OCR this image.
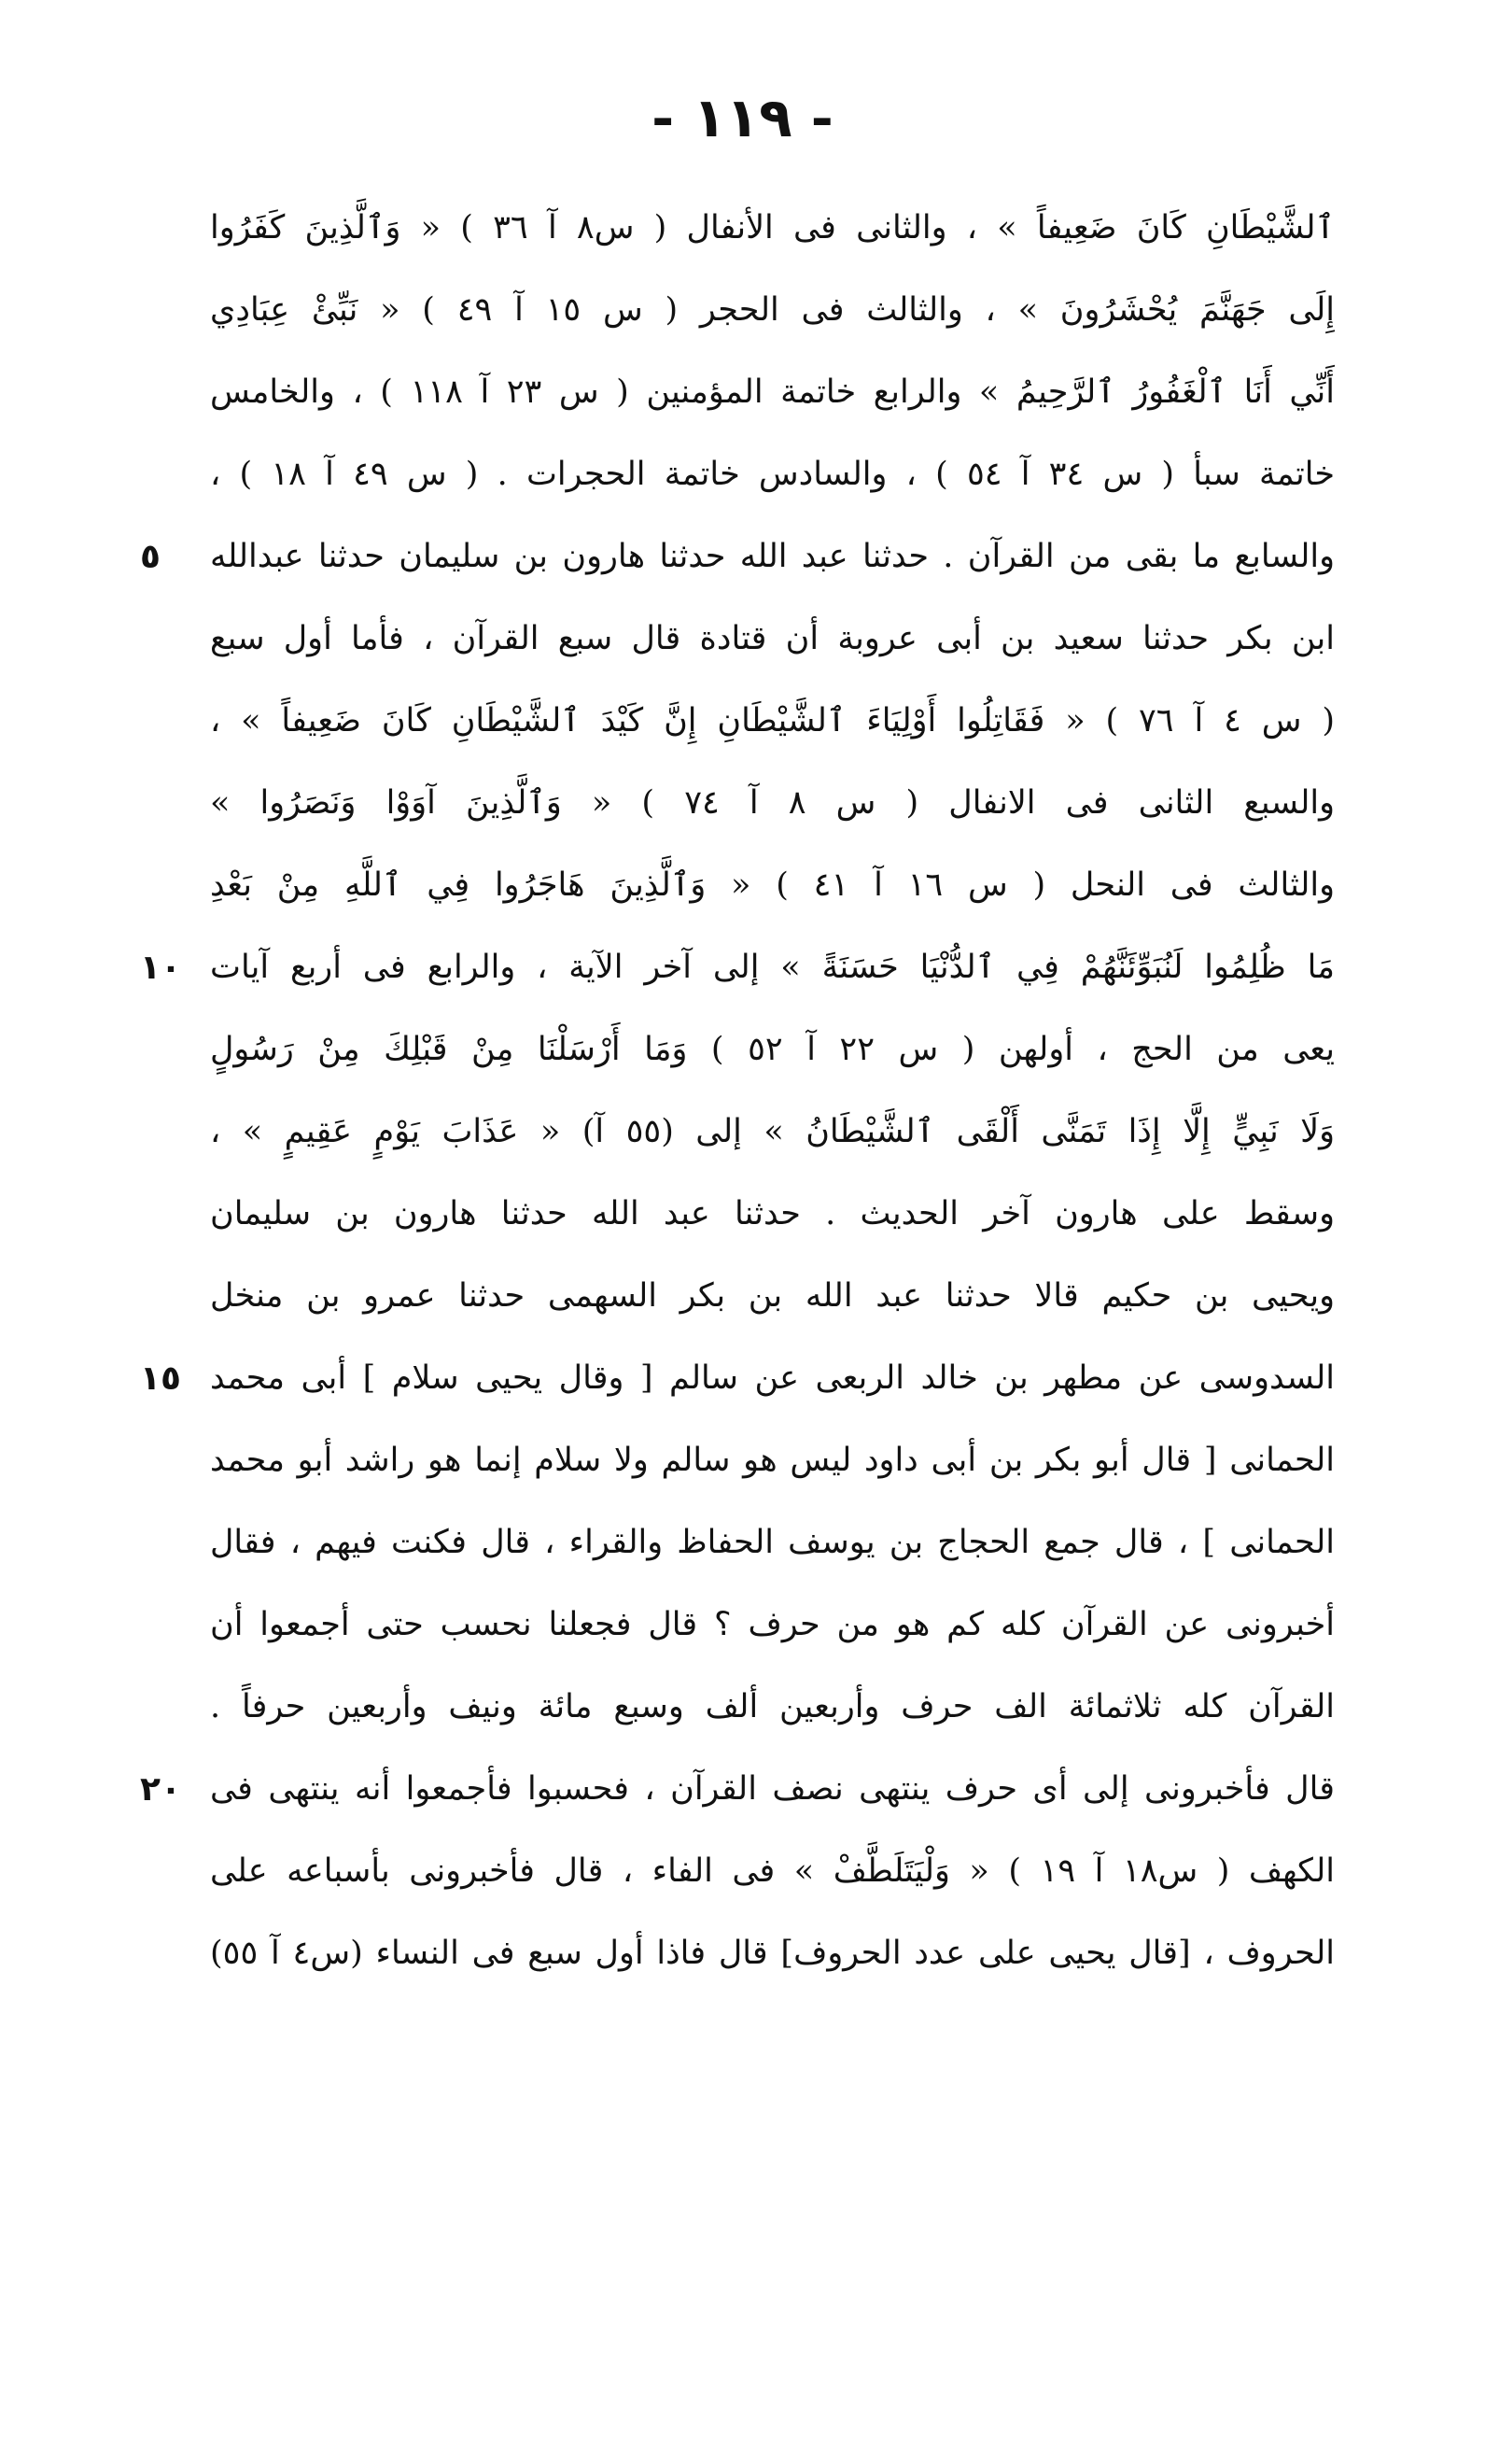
- ١١٩ -
ٱلشَّيْطَانِ كَانَ ضَعِيفاً » ، والثانى فى الأنفال ( س٨ آ ٣٦ ) « وَٱلَّذِينَ كَفَرُوا
إِلَى جَهَنَّمَ يُحْشَرُونَ » ، والثالث فى الحجر ( س ١٥ آ ٤٩ ) « نَبِّئْ عِبَادِي
أَنِّي أَنَا ٱلْغَفُورُ ٱلرَّحِيمُ » والرابع خاتمة المؤمنين ( س ٢٣ آ ١١٨ ) ، والخامس
خاتمة سبأ ( س ٣٤ آ ٥٤ ) ، والسادس خاتمة الحجرات . ( س ٤٩ آ ١٨ ) ،
والسابع ما بقى من القرآن . حدثنا عبد الله حدثنا هارون بن سليمان حدثنا عبدالله
ابن بكر حدثنا سعيد بن أبى عروبة أن قتادة قال سبع القرآن ، فأما أول سبع
( س ٤ آ ٧٦ ) « فَقَاتِلُوا أَوْلِيَاءَ ٱلشَّيْطَانِ إِنَّ كَيْدَ ٱلشَّيْطَانِ كَانَ ضَعِيفاً » ،
والسبع الثانى فى الانفال ( س ٨ آ ٧٤ ) « وَٱلَّذِينَ آوَوْا وَنَصَرُوا »
والثالث فى النحل ( س ١٦ آ ٤١ ) « وَٱلَّذِينَ هَاجَرُوا فِي ٱللَّهِ مِنْ بَعْدِ
مَا ظُلِمُوا لَنُبَوِّئَنَّهُمْ فِي ٱلدُّنْيَا حَسَنَةً » إلى آخر الآية ، والرابع فى أربع آيات
يعى من الحج ، أولهن ( س ٢٢ آ ٥٢ ) وَمَا أَرْسَلْنَا مِنْ قَبْلِكَ مِنْ رَسُولٍ
وَلَا نَبِيٍّ إِلَّا إِذَا تَمَنَّى أَلْقَى ٱلشَّيْطَانُ » إلى (٥٥ آ) « عَذَابَ يَوْمٍ عَقِيمٍ » ،
وسقط على هارون آخر الحديث . حدثنا عبد الله حدثنا هارون بن سليمان
ويحيى بن حكيم قالا حدثنا عبد الله بن بكر السهمى حدثنا عمرو بن منخل
السدوسى عن مطهر بن خالد الربعى عن سالم [ وقال يحيى سلام ] أبى محمد
الحمانى [ قال أبو بكر بن أبى داود ليس هو سالم ولا سلام إنما هو راشد أبو محمد
الحمانى ] ، قال جمع الحجاج بن يوسف الحفاظ والقراء ، قال فكنت فيهم ، فقال
أخبرونى عن القرآن كله كم هو من حرف ؟ قال فجعلنا نحسب حتى أجمعوا أن
القرآن كله ثلاثمائة الف حرف وأربعين ألف وسبع مائة ونيف وأربعين حرفاً .
قال فأخبرونى إلى أى حرف ينتهى نصف القرآن ، فحسبوا فأجمعوا أنه ينتهى فى
الكهف ( س١٨ آ ١٩ ) « وَلْيَتَلَطَّفْ » فى الفاء ، قال فأخبرونى بأسباعه على
الحروف ، [قال يحيى على عدد الحروف] قال فاذا أول سبع فى النساء (س٤ آ ٥٥)
٥
١٠
١٥
٢٠
